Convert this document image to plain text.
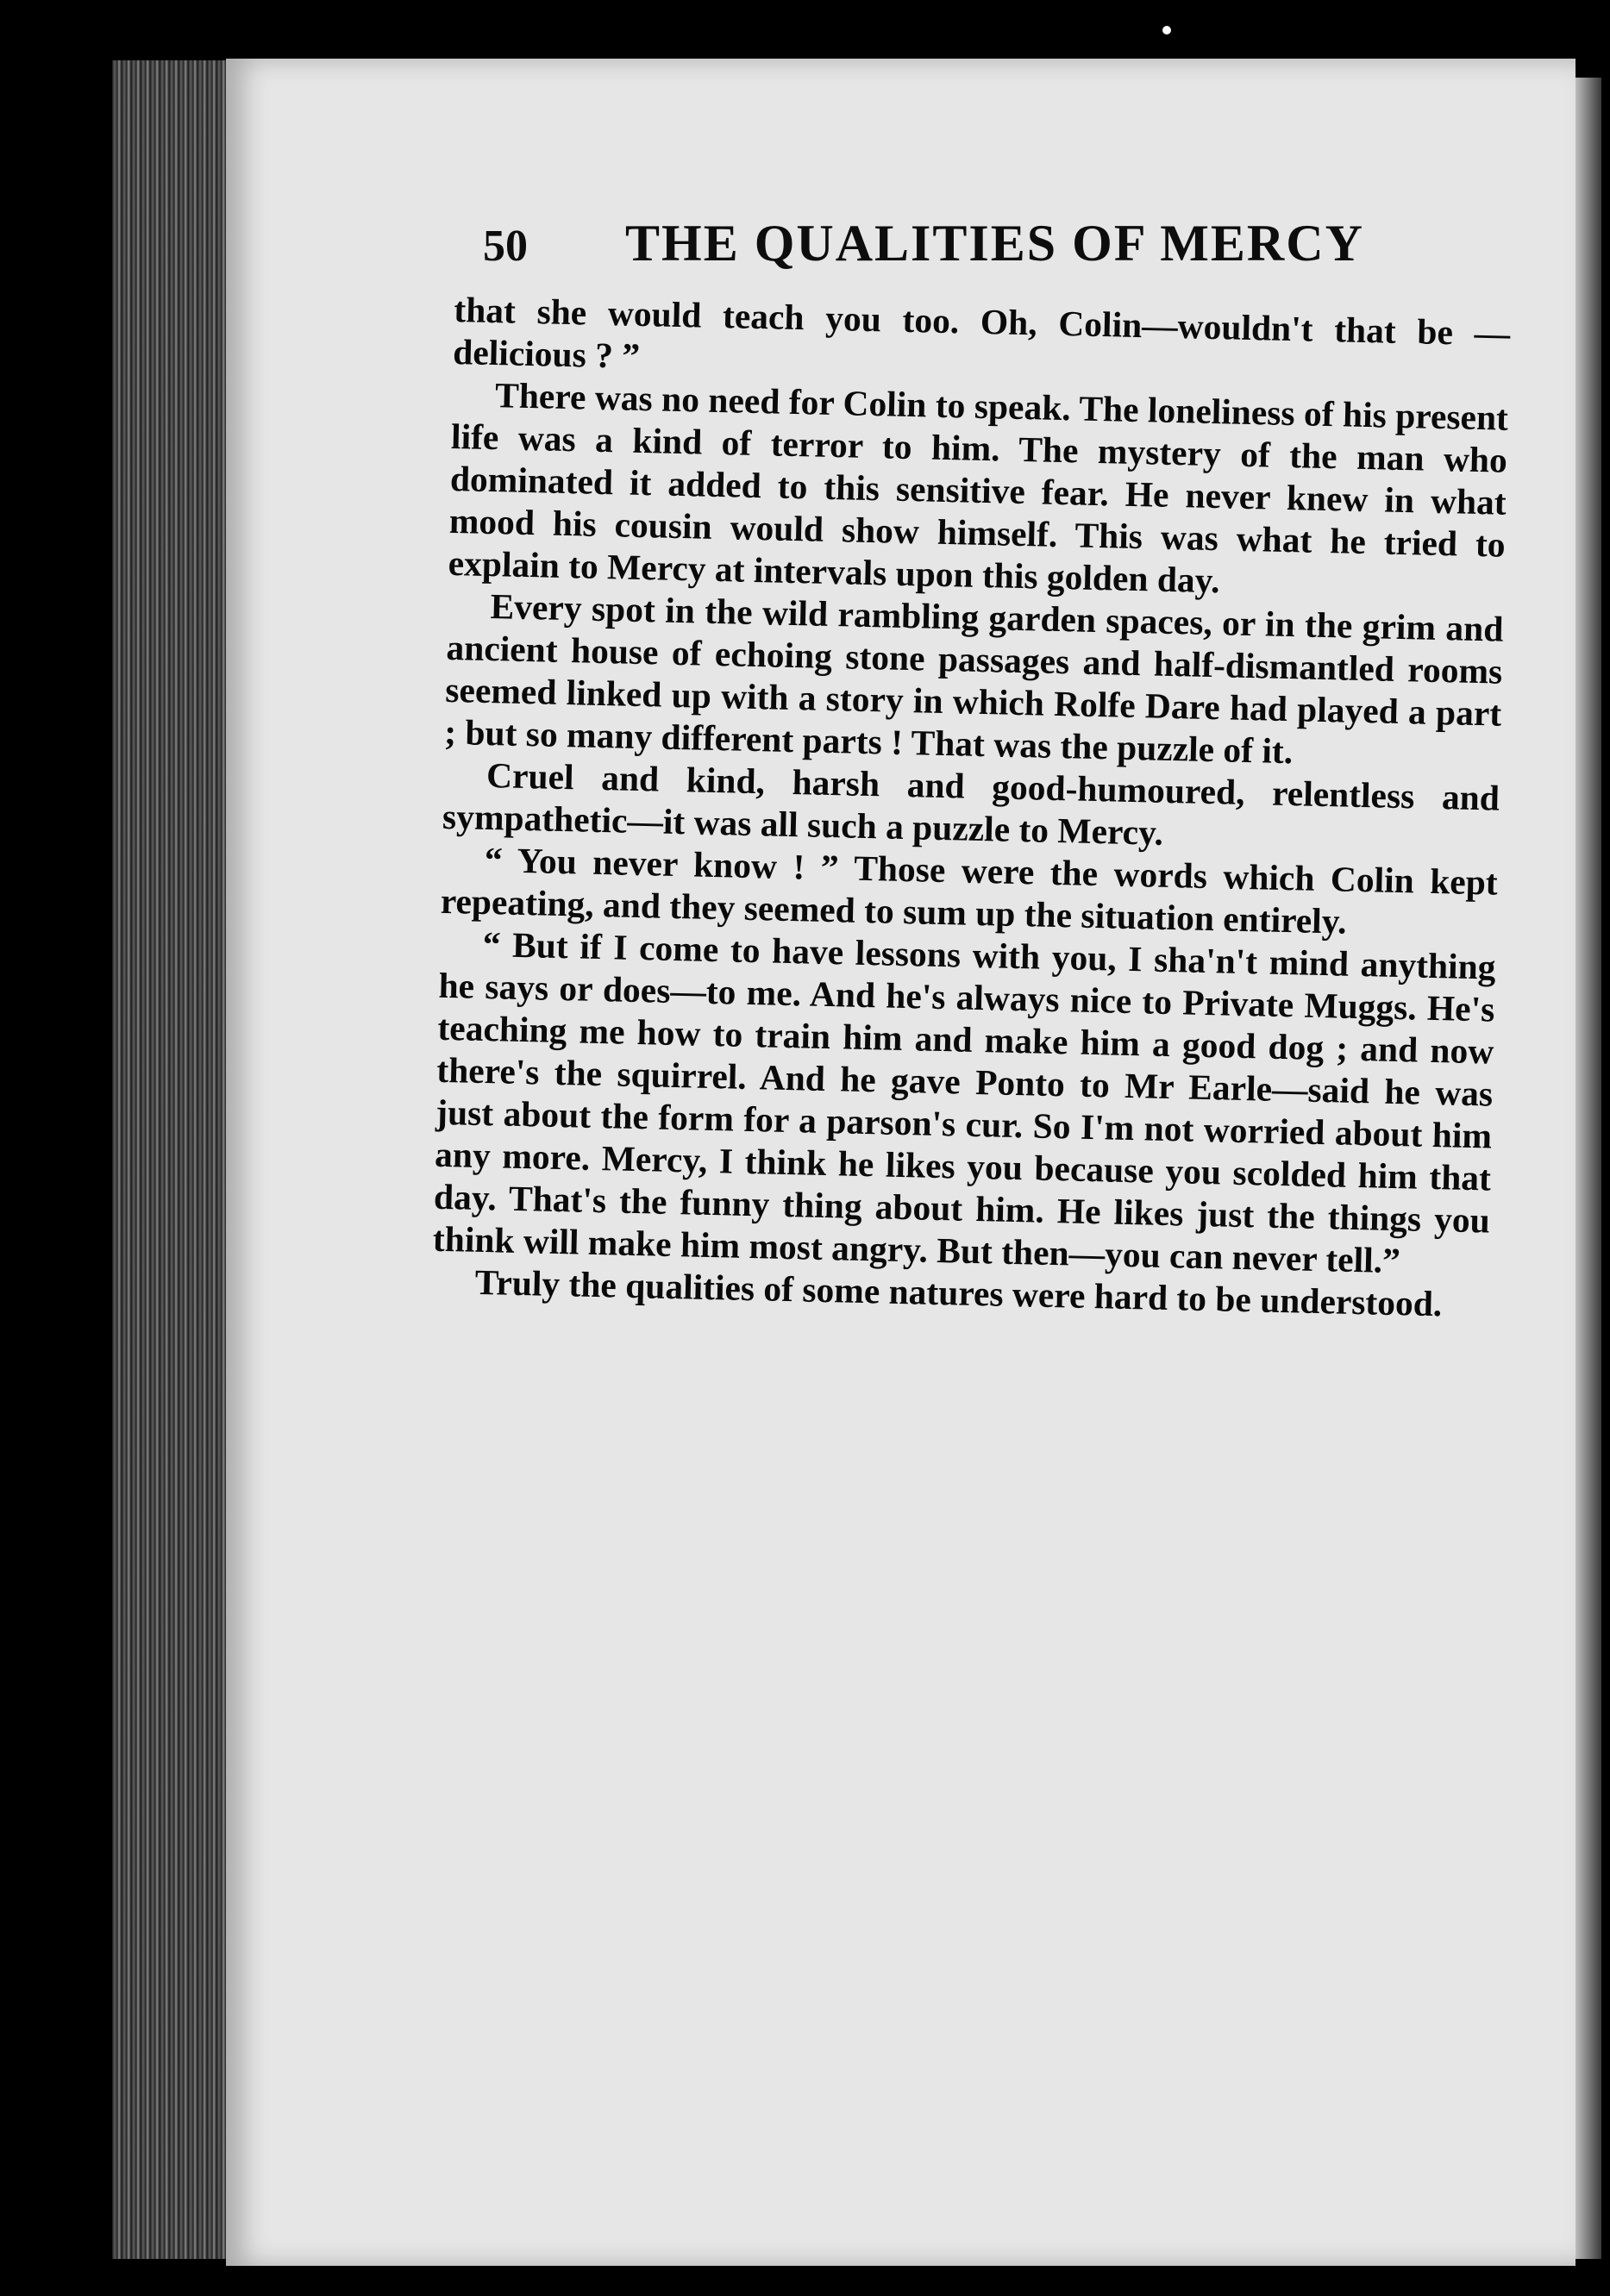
50 THE QUALITIES OF MERCY

that she would teach you too. Oh, Colin—wouldn't that be —delicious ? ”

There was no need for Colin to speak. The loneliness of his present life was a kind of terror to him. The mystery of the man who dominated it added to this sensitive fear. He never knew in what mood his cousin would show himself. This was what he tried to explain to Mercy at intervals upon this golden day.

Every spot in the wild rambling garden spaces, or in the grim and ancient house of echoing stone passages and half-dismantled rooms seemed linked up with a story in which Rolfe Dare had played a part ; but so many different parts ! That was the puzzle of it.

Cruel and kind, harsh and good-humoured, relentless and sympathetic—it was all such a puzzle to Mercy.

“ You never know ! ” Those were the words which Colin kept repeating, and they seemed to sum up the situation entirely.

“ But if I come to have lessons with you, I sha'n't mind anything he says or does—to me. And he's always nice to Private Muggs. He's teaching me how to train him and make him a good dog ; and now there's the squirrel. And he gave Ponto to Mr Earle—said he was just about the form for a parson's cur. So I'm not worried about him any more. Mercy, I think he likes you because you scolded him that day. That's the funny thing about him. He likes just the things you think will make him most angry. But then—you can never tell.”

Truly the qualities of some natures were hard to be understood.
